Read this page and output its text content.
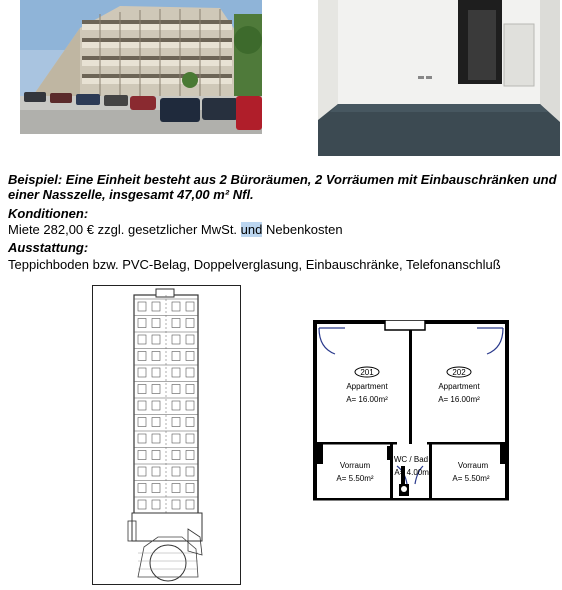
Beispiel: Eine Einheit besteht aus 2 Büroräumen, 2 Vorräumen mit Einbauschränken und einer Nasszelle, insgesamt 47,00 m² Nfl.
Konditionen:
Miete 282,00 € zzgl. gesetzlicher MwSt. und Nebenkosten
Ausstattung:
Teppichboden bzw. PVC-Belag, Doppelverglasung, Einbauschränke, Telefonanschluß
201
Appartment
A= 16.00m²
202
Appartment
A= 16.00m²
Vorraum
A= 5.50m²
WC / Bad
A= 4.00m²
Vorraum
A= 5.50m²
